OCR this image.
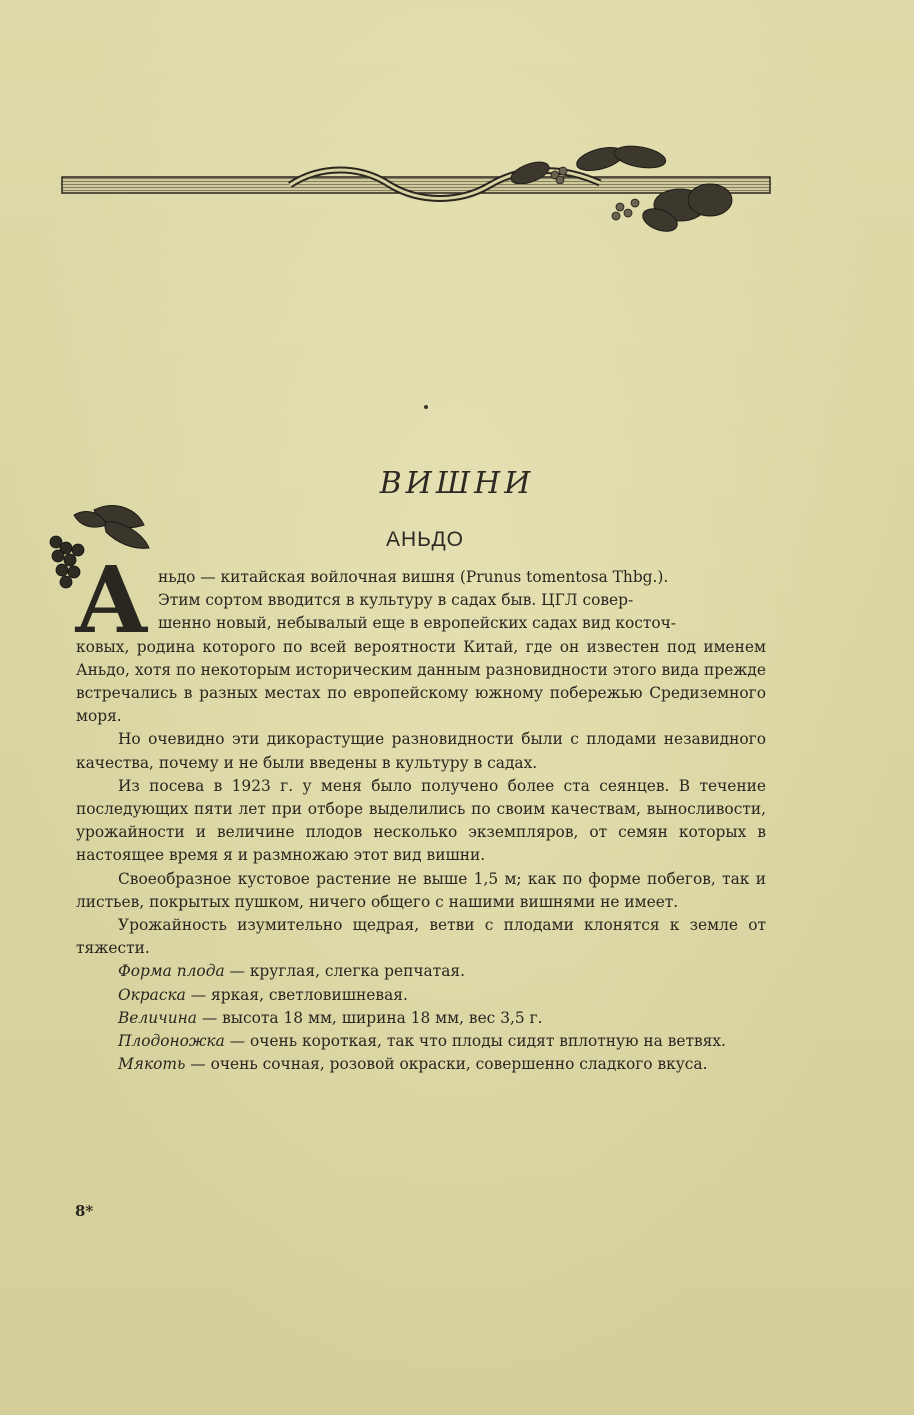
ВИШНИ
АНЬДО
А ньдо — китайская войлочная вишня (Prunus tomentosa Thbg.).
Этим сортом вводится в культуру в садах быв. ЦГЛ совер-
шенно новый, небывалый еще в европейских садах вид косточ-
ковых, родина которого по всей вероятности Китай, где он известен под именем Аньдо, хотя по некоторым историческим данным разновидности этого вида прежде встречались в разных местах по европейскому южному побережью Средиземного моря.

Но очевидно эти дикорастущие разновидности были с плодами незавидного качества, почему и не были введены в культуру в садах.

Из посева в 1923 г. у меня было получено более ста сеянцев. В течение последующих пяти лет при отборе выделились по своим качествам, выносливости, урожайности и величине плодов несколько экземпляров, от семян которых в настоящее время я и размножаю этот вид вишни.

Своеобразное кустовое растение не выше 1,5 м; как по форме побегов, так и листьев, покрытых пушком, ничего общего с нашими вишнями не имеет.

Урожайность изумительно щедрая, ветви с плодами клонятся к земле от тяжести.

Форма плода — круглая, слегка репчатая.

Окраска — яркая, светловишневая.

Величина — высота 18 мм, ширина 18 мм, вес 3,5 г.

Плодоножка — очень короткая, так что плоды сидят вплотную на ветвях.

Мякоть — очень сочная, розовой окраски, совершенно сладкого вкуса.

8*
